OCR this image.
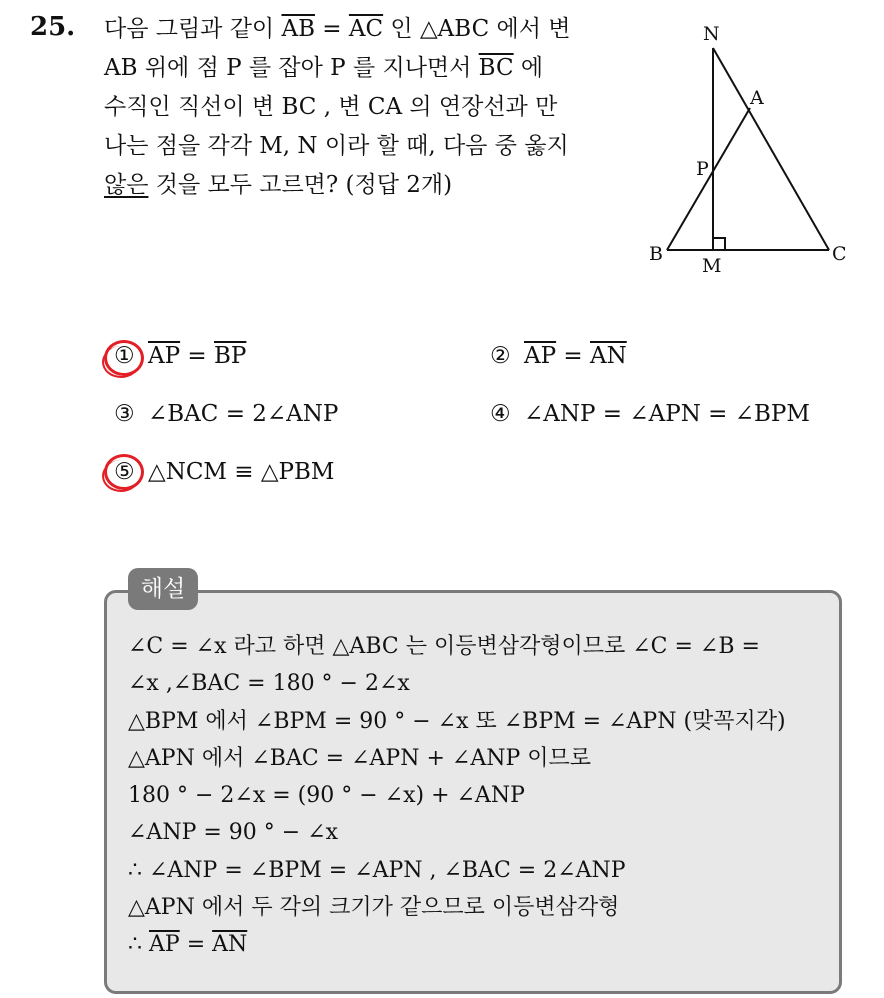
25. 다음 그림과 같이 $\overline{AB} = \overline{AC}$ 인 △ABC 에서 변
AB 위에 점 P 를 잡아 P 를 지나면서 $\overline{BC}$ 에
수직인 직선이 변 BC , 변 CA 의 연장선과 만
나는 점을 각각 M, N 이라 할 때, 다음 중 옳지
않은 것을 모두 고르면? (정답 2개)
N
A
P
B
M
C
① $\overline{AP} = \overline{BP}$	② $\overline{AP} = \overline{AN}$
③ ∠BAC = 2∠ANP	④ ∠ANP = ∠APN = ∠BPM
⑤ △NCM ≡ △PBM
해설
∠C = ∠x 라고 하면 △ABC 는 이등변삼각형이므로 ∠C = ∠B =
∠x ,∠BAC = 180 ° − 2∠x
△BPM 에서 ∠BPM = 90 ° − ∠x 또 ∠BPM = ∠APN (맞꼭지각)
△APN 에서 ∠BAC = ∠APN + ∠ANP 이므로
180 ° − 2∠x = (90 ° − ∠x) + ∠ANP
∠ANP = 90 ° − ∠x
∴ ∠ANP = ∠BPM = ∠APN , ∠BAC = 2∠ANP
△APN 에서 두 각의 크기가 같으므로 이등변삼각형
∴ $\overline{AP} = \overline{AN}$
